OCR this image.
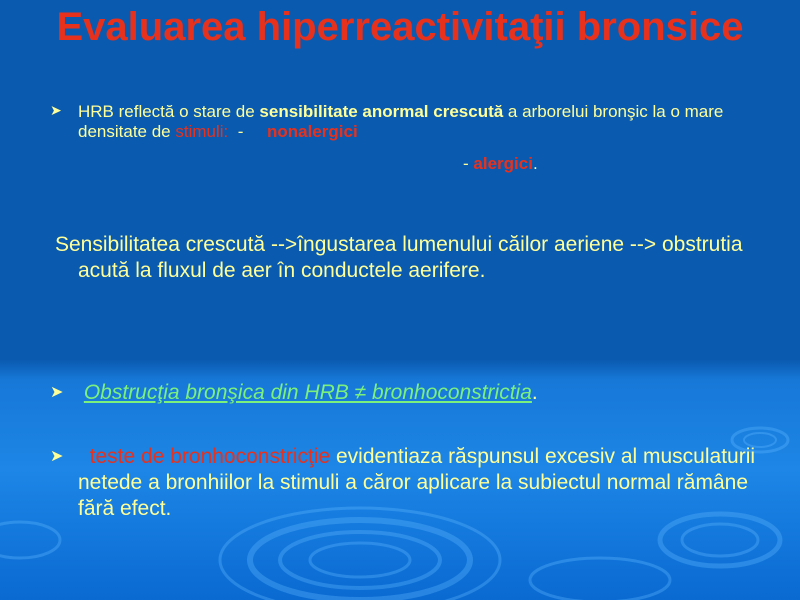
Evaluarea hiperreactivitaţii bronsice
➤ HRB reflectă o stare de sensibilitate anormal crescută a arborelui bronşic la o mare densitate de stimuli:  -     nonalergici
- alergici.
Sensibilitatea crescută -->îngustarea lumenului căilor aeriene --> obstrutia acută la fluxul de aer în conductele aerifere.
➤ Obstrucţia bronşica din HRB ≠ bronhoconstrictia.
➤	teste de bronhoconstricţie evidentiaza răspunsul excesiv al musculaturii netede a bronhiilor la stimuli a căror aplicare la subiectul normal rămâne fără efect.
